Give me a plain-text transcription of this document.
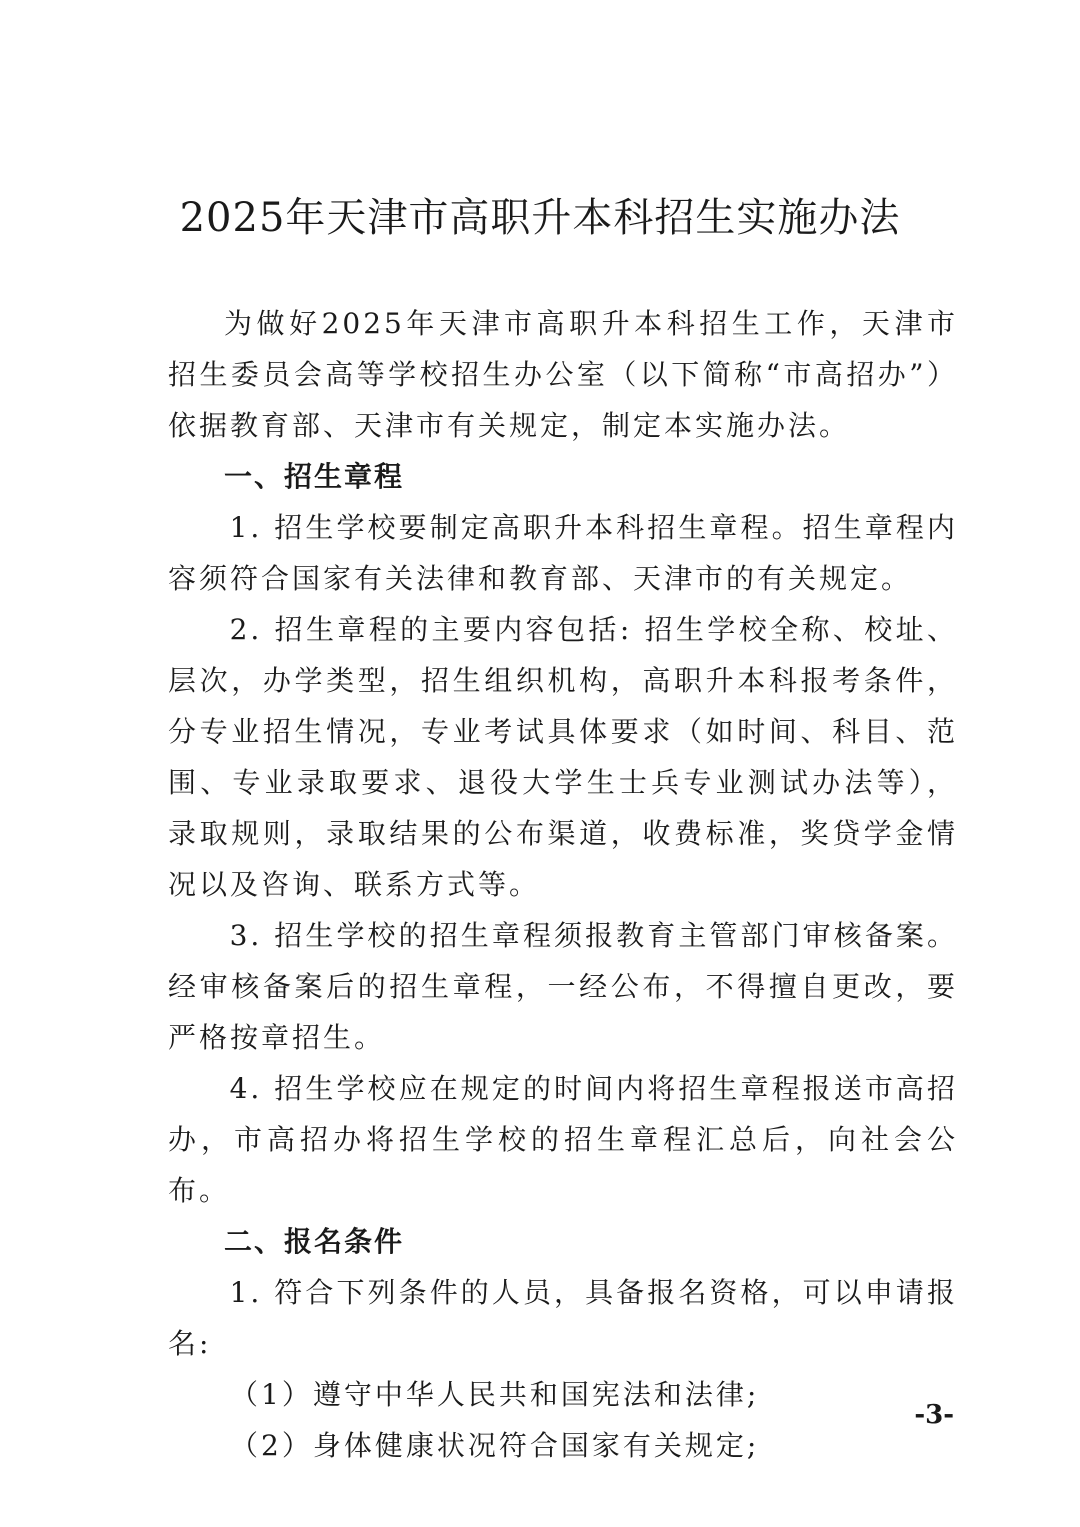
2025年天津市高职升本科招生实施办法

为做好2025年天津市高职升本科招生工作，天津市招生委员会高等学校招生办公室（以下简称“市高招办”）依据教育部、天津市有关规定，制定本实施办法。

一、招生章程

1. 招生学校要制定高职升本科招生章程。招生章程内容须符合国家有关法律和教育部、天津市的有关规定。

2. 招生章程的主要内容包括: 招生学校全称、校址、层次，办学类型，招生组织机构，高职升本科报考条件，分专业招生情况，专业考试具体要求（如时间、科目、范围、专业录取要求、退役大学生士兵专业测试办法等），录取规则，录取结果的公布渠道，收费标准，奖贷学金情况以及咨询、联系方式等。

3. 招生学校的招生章程须报教育主管部门审核备案。经审核备案后的招生章程，一经公布，不得擅自更改，要严格按章招生。

4. 招生学校应在规定的时间内将招生章程报送市高招办，市高招办将招生学校的招生章程汇总后，向社会公布。

二、报名条件

1. 符合下列条件的人员，具备报名资格，可以申请报名:

（1）遵守中华人民共和国宪法和法律;

（2）身体健康状况符合国家有关规定;

-3-
